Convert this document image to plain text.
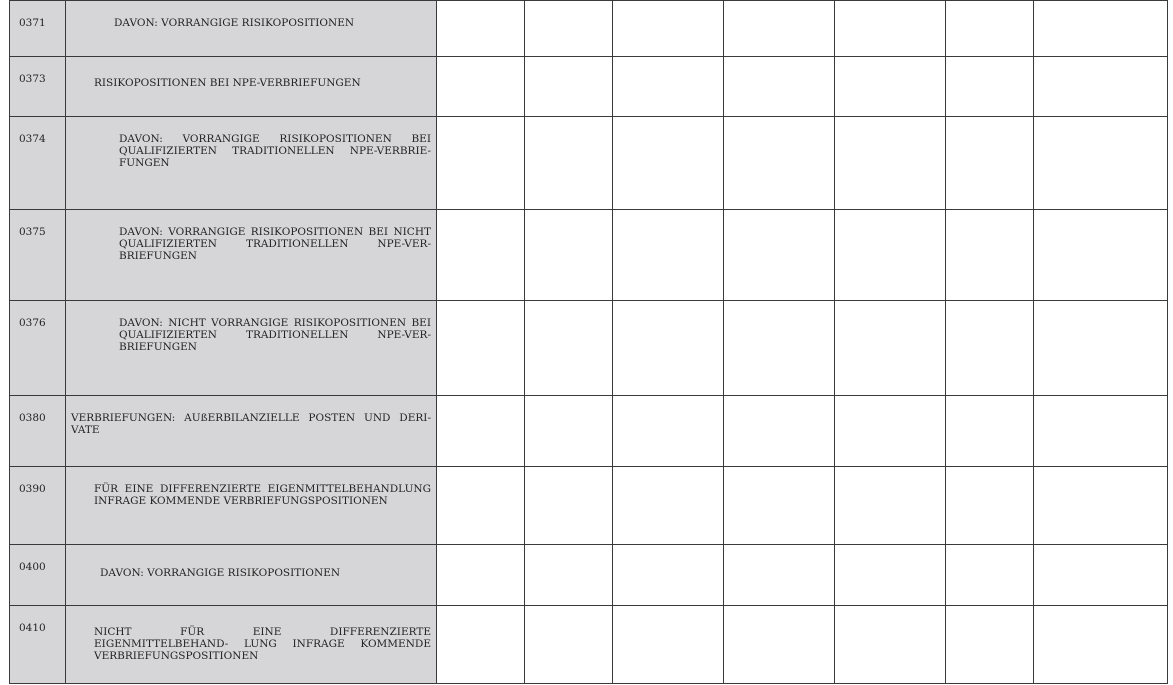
0371	DAVON: VORRANGIGE RISIKOPOSITIONEN							

0373	RISIKOPOSITIONEN BEI NPE-VERBRIEFUNGEN							

0374	DAVON: VORRANGIGE RISIKOPOSITIONEN BEI QUALIFIZIERTEN TRADITIONELLEN NPE-VERBRIE- FUNGEN							

0375	DAVON: VORRANGIGE RISIKOPOSITIONEN BEI NICHT QUALIFIZIERTEN TRADITIONELLEN NPE-VER- BRIEFUNGEN							

0376	DAVON: NICHT VORRANGIGE RISIKOPOSITIONEN BEI QUALIFIZIERTEN TRADITIONELLEN NPE-VER- BRIEFUNGEN							

0380	VERBRIEFUNGEN: AUßERBILANZIELLE POSTEN UND DERI- VATE							

0390	FÜR EINE DIFFERENZIERTE EIGENMITTELBEHANDLUNG INFRAGE KOMMENDE VERBRIEFUNGSPOSITIONEN							

0400	DAVON: VORRANGIGE RISIKOPOSITIONEN							

0410	NICHT FÜR EINE DIFFERENZIERTE EIGENMITTELBEHAND- LUNG INFRAGE KOMMENDE VERBRIEFUNGSPOSITIONEN							
